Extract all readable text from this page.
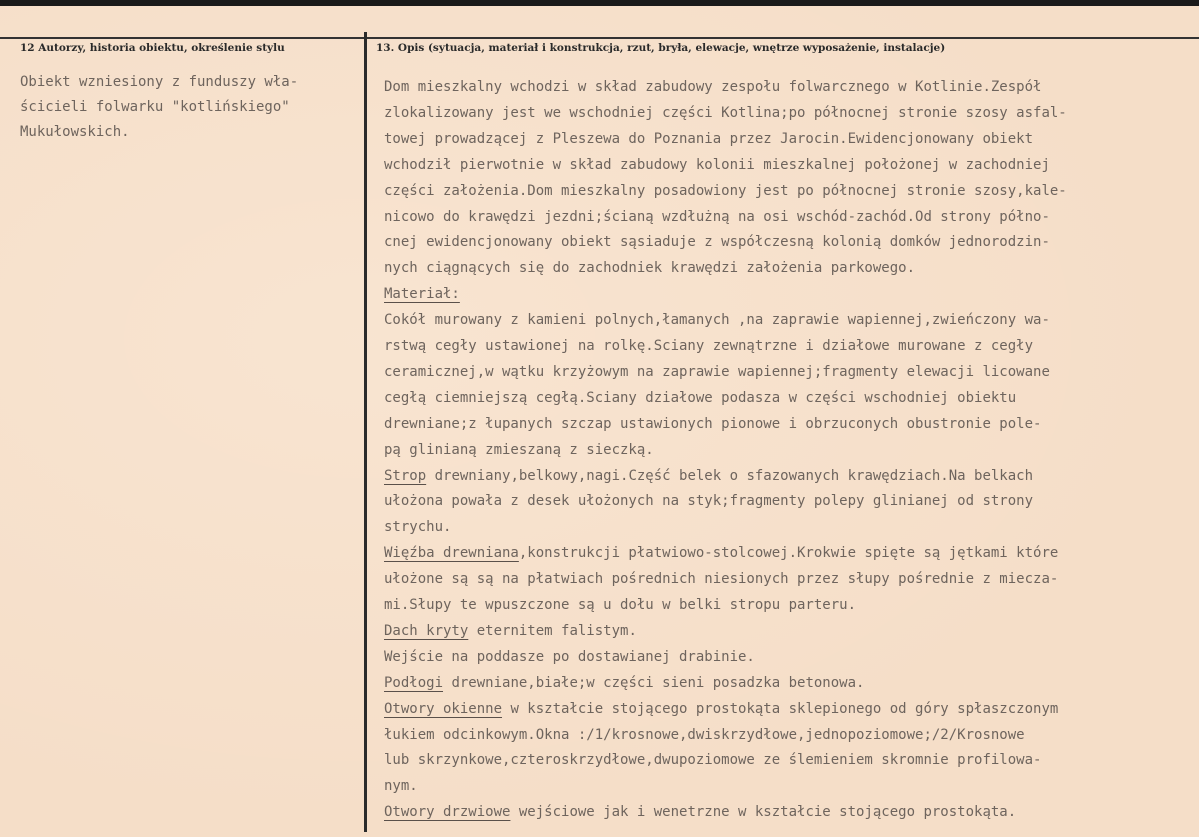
12 Autorzy, historia obiektu, określenie stylu	13. Opis (sytuacja, materiał i konstrukcja, rzut, bryła, elewacje, wnętrze wyposażenie, instalacje)
Obiekt wzniesiony z funduszy wła-
ścicieli folwarku "kotlińskiego"
Mukułowskich.
Dom mieszkalny wchodzi w skład zabudowy zespołu folwarcznego w Kotlinie.Zespół
zlokalizowany jest we wschodniej części Kotlina;po północnej stronie szosy asfal-
towej prowadzącej z Pleszewa do Poznania przez Jarocin.Ewidencjonowany obiekt
wchodził pierwotnie w skład zabudowy kolonii mieszkalnej położonej w zachodniej
części założenia.Dom mieszkalny posadowiony jest po północnej stronie szosy,kale-
nicowo do krawędzi jezdni;ścianą wzdłużną na osi wschód-zachód.Od strony półno-
cnej ewidencjonowany obiekt sąsiaduje z współczesną kolonią domków jednorodzin-
nych ciągnących się do zachodniek krawędzi założenia parkowego.
Materiał:
Cokół murowany z kamieni polnych,łamanych ,na zaprawie wapiennej,zwieńczony wa-
rstwą cegły ustawionej na rolkę.Sciany zewnątrzne i działowe murowane z cegły
ceramicznej,w wątku krzyżowym na zaprawie wapiennej;fragmenty elewacji licowane
cegłą ciemniejszą cegłą.Sciany działowe podasza w części wschodniej obiektu
drewniane;z łupanych szczap ustawionych pionowe i obrzuconych obustronie pole-
pą glinianą zmieszaną z sieczką.
Strop drewniany,belkowy,nagi.Część belek o sfazowanych krawędziach.Na belkach
ułożona powała z desek ułożonych na styk;fragmenty polepy glinianej od strony
strychu.
Więźba drewniana,konstrukcji płatwiowo-stolcowej.Krokwie spięte są jętkami które
ułożone są są na płatwiach pośrednich niesionych przez słupy pośrednie z miecza-
mi.Słupy te wpuszczone są u dołu w belki stropu parteru.
Dach kryty eternitem falistym.
Wejście na poddasze po dostawianej drabinie.
Podłogi drewniane,białe;w części sieni posadzka betonowa.
Otwory okienne w kształcie stojącego prostokąta sklepionego od góry spłaszczonym
łukiem odcinkowym.Okna :/1/krosnowe,dwiskrzydłowe,jednopoziomowe;/2/Krosnowe
lub skrzynkowe,czteroskrzydłowe,dwupoziomowe ze ślemieniem skromnie profilowa-
nym.
Otwory drzwiowe wejściowe jak i wenetrzne w kształcie stojącego prostokąta.
